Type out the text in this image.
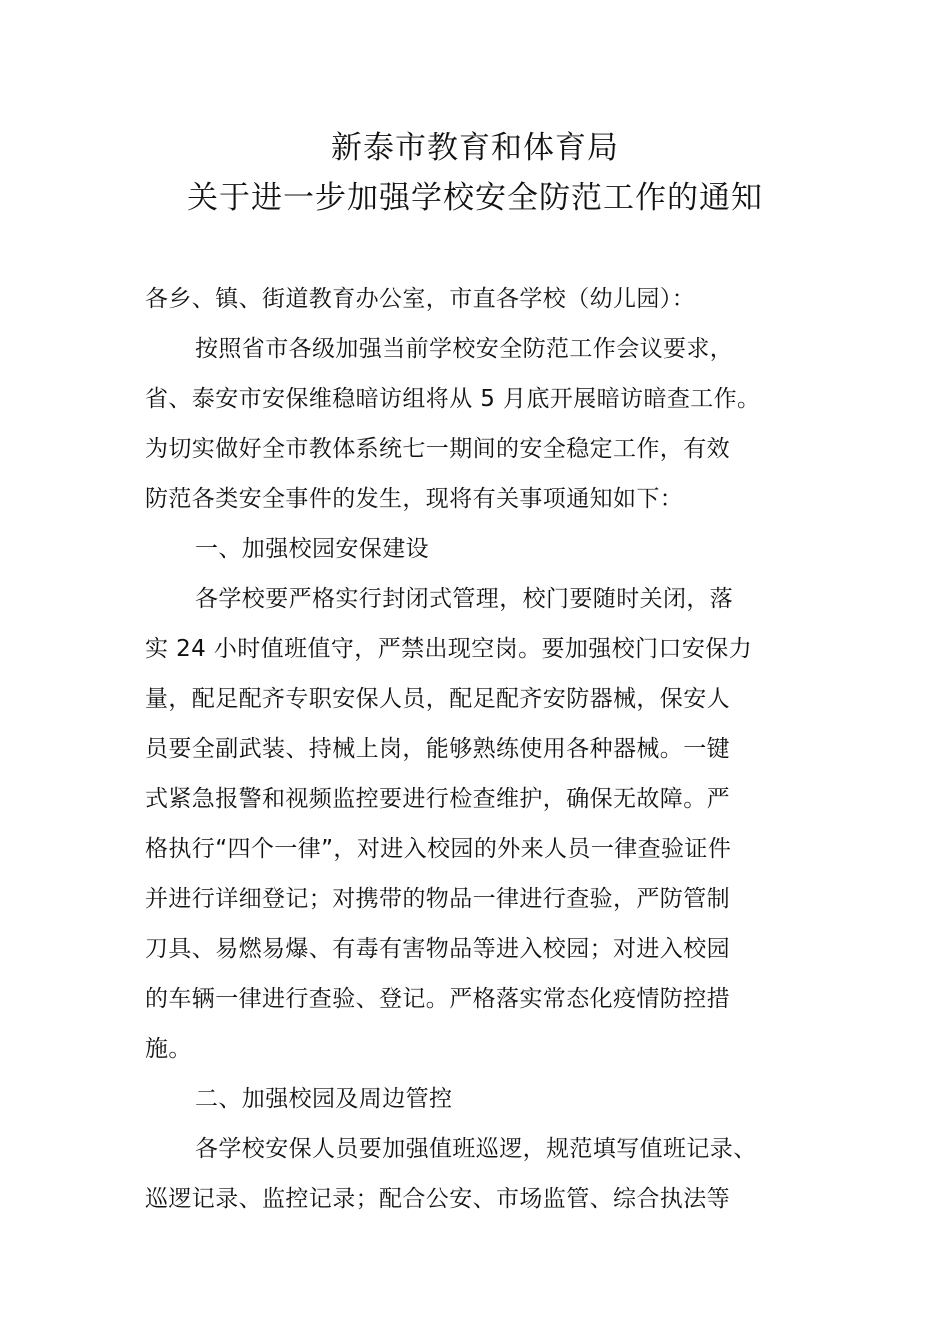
新泰市教育和体育局
关于进一步加强学校安全防范工作的通知
各乡、镇、街道教育办公室，市直各学校（幼儿园）：
按照省市各级加强当前学校安全防范工作会议要求，
省、泰安市安保维稳暗访组将从 5 月底开展暗访暗查工作。
为切实做好全市教体系统七一期间的安全稳定工作，有效
防范各类安全事件的发生，现将有关事项通知如下：
一、加强校园安保建设
各学校要严格实行封闭式管理，校门要随时关闭，落
实 24 小时值班值守，严禁出现空岗。要加强校门口安保力
量，配足配齐专职安保人员，配足配齐安防器械，保安人
员要全副武装、持械上岗，能够熟练使用各种器械。一键
式紧急报警和视频监控要进行检查维护，确保无故障。严
格执行“四个一律”，对进入校园的外来人员一律查验证件
并进行详细登记；对携带的物品一律进行查验，严防管制
刀具、易燃易爆、有毒有害物品等进入校园；对进入校园
的车辆一律进行查验、登记。严格落实常态化疫情防控措
施。
二、加强校园及周边管控
各学校安保人员要加强值班巡逻，规范填写值班记录、
巡逻记录、监控记录；配合公安、市场监管、综合执法等
